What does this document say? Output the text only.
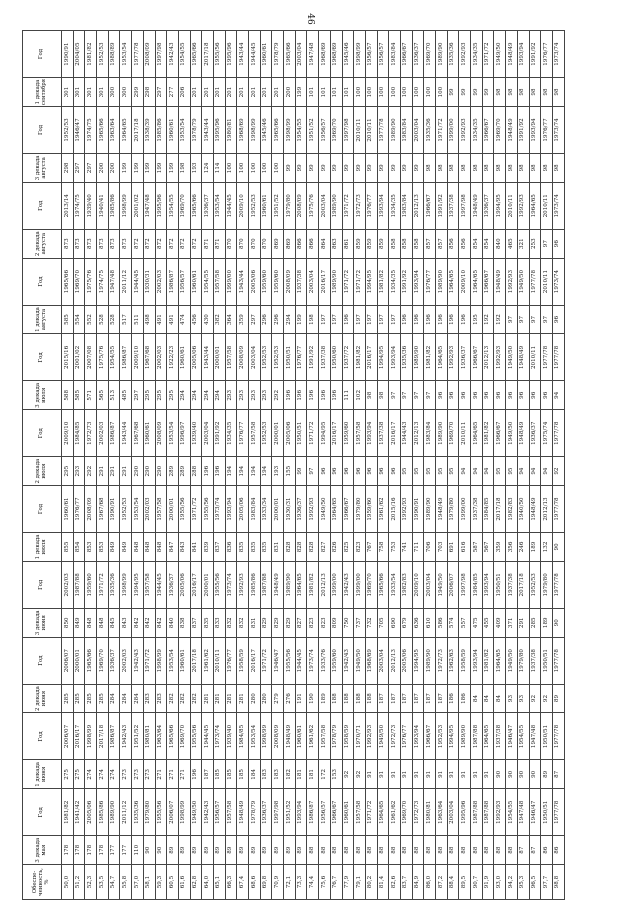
46
Обеспе-ченность, %	3 декада мая	Год	1 декада июня	Год	2 декада июня	Год	3 декада июня	Год	1 декада июля	Год	2 декада июля	Год	3 декада июля	Год	1 декада августа	Год	2 декада августа	Год	3 декада августа	Год	1 декада сентября	Год
50,0	178	1981/82	275	2006/07	285	2006/07	850	2002/03	855	1960/61	295	2009/10	588	2015/16	585	1965/66	873	2013/14	298	1952/53	301	1990/91
51,2	178	1941/42	275	2016/17	285	2000/01	849	1987/88	854	1976/77	293	1984/85	585	2001/02	554	1969/70	873	1974/75	297	1946/47	301	2004/05
52,3	178	2005/06	274	1998/99	285	1965/66	848	1959/60	853	2008/09	292	1972/73	571	2007/08	552	1975/76	873	1939/40	297	1974/75	301	1981/82
53,5	178	1985/86	274	2017/18	285	1969/70	848	1971/72	853	1967/68	291	2002/03	565	1975/76	528	1974/75	873	1940/41	200	1965/66	301	1952/53
54,7	177	1989/90	274	1986/87	284	1936/37	845	1935/36	849	1990/91	291	1986/87	513	1954/55	528	1947/48	873	1985/86	200	1963/64	300	1988/89
55,8	177	2011/12	273	1942/43	284	2002/03	843	1998/99	849	1952/53	291	1943/44	485	1986/87	517	2011/12	873	1998/99	199	1964/65	300	1953/54
57,0	110	1935/36	273	1951/52	284	1942/43	842	1994/95	848	1953/54	290	1967/68	297	2009/10	511	1944/45	872	2001/02	199	2017/18	299	1977/78
58,1	90	1979/80	273	1980/81	283	1971/72	842	1957/58	848	2002/03	290	1960/61	295	1967/68	498	1930/31	872	1947/48	199	1938/39	298	2008/09
59,3	90	1955/56	271	1963/64	283	1998/99	842	1944/45	848	1957/58	290	2008/09	295	2002/03	491	2002/03	872	1995/96	199	1985/86	297	1997/98
60,5	89	2006/07	271	1965/66	282	1953/54	840	1936/37	847	2000/01	289	1953/54	295	1922/23	491	1986/87	872	1954/55	199	1960/61	277	1942/43
61,6	89	1998/99	271	1969/70	282	1960/61	838	2005/06	843	1955/56	289	1996/97	294	1960/61	474	1956/57	872	1969/70	198	1953/54	206	1954/55
62,8	89	1949/50	196	1955/56	282	2017/18	837	2016/17	841	1971/72	288	1939/40	294	2005/06	456	1960/61	872	1965/66	193	1978/79	201	1965/66
64,0	89	1942/43	187	1944/45	281	1961/62	835	2000/01	839	1955/56	196	2003/04	294	1943/44	430	1954/55	871	1936/37	124	1943/44	201	2017/18
65,1	89	1956/57	185	1973/74	281	2010/11	833	1955/56	837	1973/74	196	1991/92	294	2000/01	382	1957/58	871	1953/54	114	1995/96	201	1955/56
66,3	89	1957/58	185	1939/40	281	1976/77	832	1973/74	836	1993/94	194	1934/35	293	1957/58	364	1999/00	870	1944/45	100	1980/81	201	1995/96
67,4	89	1948/49	185	1984/85	281	1958/59	832	1992/93	835	2005/06	194	1976/77	293	2008/09	359	1943/44	870	2009/10	100	1968/69	201	1943/44
68,6	89	1978/79	184	1953/54	280	2016/17	831	1985/86	835	1983/84	194	1957/58	293	2003/04	297	2005/06	870	1952/53	100	1998/99	201	1944/45
69,8	89	1936/37	183	1998/99	280	1971/72	829	1987/88	835	1933/34	194	1952/53	293	1952/53	296	1959/60	870	1960/61	100	1945/46	201	1960/61
70,9	89	1997/98	183	2008/09	279	1946/47	829	1948/49	831	2000/01	193	2000/01	292	1952/53	296	1959/60	869	1951/52	100	1965/66	201	1978/79
72,1	89	1951/52	182	1948/49	276	1955/56	829	1989/90	828	1930/31	155	2005/06	196	1950/51	294	2008/09	869	1979/80	99	1998/99	200	1965/66
73,3	89	1993/94	181	1960/61	191	1944/45	827	1964/65	828	1936/37	99	1950/51	196	1976/77	199	1937/38	866	2008/09	99	1954/55	199	2003/04
74,4	88	1986/87	181	1961/62	190	1973/74	823	1981/82	828	1992/93	97	1971/72	196	1991/92	198	2003/04	866	1975/76	99	1951/52	101	1947/48
75,6	88	1956/57	172	1957/58	189	1933/76	823	2012/13	827	1949/50	96	1994/95	196	1937/38	197	2016/17	864	2003/04	99	1956/57	101	1968/69
76,7	88	1966/67	153	1978/79	188	1959/60	809	1999/00	826	1964/65	96	2016/17	196	1950/60	197	1989/90	863	1989/90	99	1969/70	101	1968/69
77,9	88	1960/61	92	1958/59	188	1942/43	750	1942/43	825	1966/67	96	1959/60	111	1937/72	196	1971/72	861	1971/72	99	1997/98	101	1945/46
79,1	88	1957/58	92	1970/71	188	1949/50	737	1999/00	823	1979/80	96	1957/58	102	1981/82	197	1971/72	859	1972/73	99	2010/11	100	1998/99
80,2	88	1971/72	91	1992/93	188	1968/69	732	1969/70	767	1959/60	96	1993/94	98	2016/17	197	1994/95	859	1976/77	99	2010/11	100	1956/57
81,4	88	1964/65	91	1949/50	187	2003/04	705	1965/66	758	1961/62	96	1937/38	98	1994/95	197	1981/82	859	1993/94	99	1977/78	100	1956/57
82,6	88	1961/62	91	1972/73	187	2012/13	690	1933/54	753	2015/16	96	2016/17	97	1993/94	197	1934/35	858	1934/35	99	1989/90	100	1983/84
83,7	88	1969/70	91	1976/77	187	2005/06	679	1982/83	741	1992/93	95	1944/43	97	1935/36	196	1991/92	858	1983/84	99	1983/84	100	1966/67
84,9	88	1972/73	91	1993/94	187	1994/95	636	2009/10	711	1990/91	95	2012/13	97	1989/90	196	1993/94	858	2012/13	99	2003/04	100	1936/37
86,0	88	1980/81	91	1966/67	187	1989/90	610	2003/04	706	1989/90	95	1983/84	97	1981/82	196	1976/77	857	1966/67	98	1935/36	100	1969/70
87,2	88	1963/64	91	1952/53	187	1972/73	586	1949/50	703	1948/49	95	1989/90	96	1964/65	196	1989/90	857	1991/92	98	1971/72	100	1989/90
88,4	88	2003/04	91	1994/95	186	1962/63	574	2006/07	691	1979/80	95	1969/70	96	1992/93	196	1964/65	856	1937/38	98	1999/00	99	1935/36
89,5	88	1995/96	91	1989/90	186	1958/59	557	1997/98	616	1999/00	94	2010/11	96	1936/37	196	2009/10	856	1997/98	98	1992/93	99	1992/93
90,7	88	1987/88	91	1987/88	84	1993/94	475	1984/85	587	1937/38	94	1964/65	96	1966/67	195	1964/65	854	1948/49	98	1934/35	99	1934/35
91,9	88	1987/88	91	1964/65	84	1981/82	455	1993/94	567	1984/85	94	1981/82	96	2012/13	192	1966/67	854	1936/37	98	1966/67	99	1971/72
93,0	88	1992/93	90	1937/38	84	1964/65	409	1950/51	359	2017/18	95	1966/67	96	1992/93	192	1948/49	840	1994/95	98	1969/70	98	1949/50
94,2	88	1954/55	90	1946/47	93	1949/50	371	1937/38	356	1982/83	95	1949/50	96	1949/50	97	1992/93	465	2010/11	98	1948/49	98	1948/49
95,3	87	1947/48	90	1954/55	93	1979/80	291	2017/18	246	1940/50	94	1948/49	96	1948/49	97	1949/50	321	1992/93	98	1991/92	98	1993/94
96,5	87	1946/47	90	1947/48	92	1937/38	285	1952/53	189	1948/49	94	1936/37	96	2010/11	97	1977/78	253	1964/65	98	1993/94	98	1991/92
97,7	86	1950/51	89	1950/51	92	1950/51	189	1979/80	132	2012/13	94	1975/74	96	1977/78	97	2010/11	97	2010/11	98	1976/77	98	1976/77
98,8	86	1977/78	87	1977/78	89	1977/78	90	1977/78	90	1977/78	92	1977/78	94	1977/78	96	1973/74	96	1973/74	98	1973/74	98	1973/74
